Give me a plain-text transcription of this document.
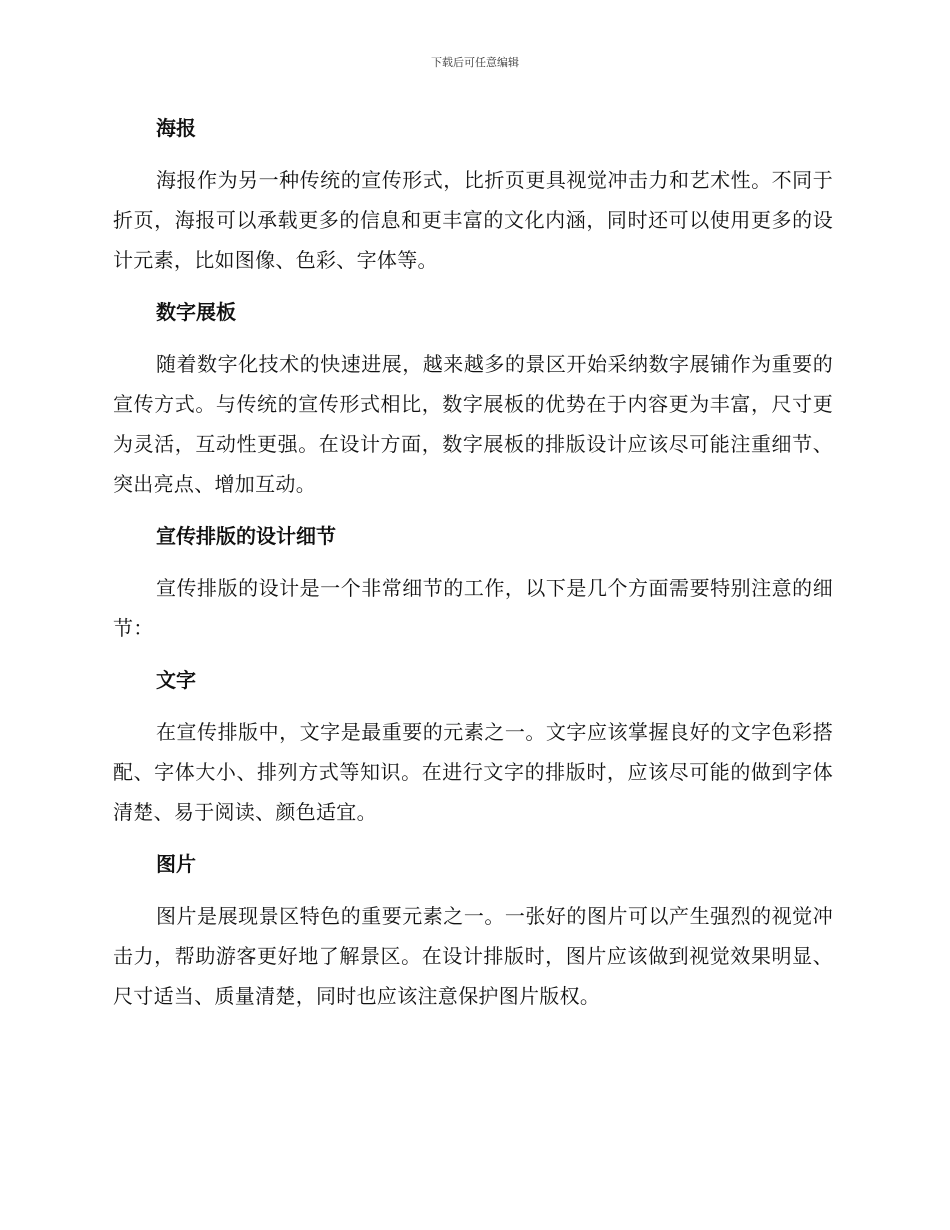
下载后可任意编辑
海报

海报作为另一种传统的宣传形式，比折页更具视觉冲击力和艺术性。不同于折页，海报可以承载更多的信息和更丰富的文化内涵，同时还可以使用更多的设计元素，比如图像、色彩、字体等。

数字展板

随着数字化技术的快速进展，越来越多的景区开始采纳数字展铺作为重要的宣传方式。与传统的宣传形式相比，数字展板的优势在于内容更为丰富，尺寸更为灵活，互动性更强。在设计方面，数字展板的排版设计应该尽可能注重细节、突出亮点、增加互动。

宣传排版的设计细节

宣传排版的设计是一个非常细节的工作，以下是几个方面需要特别注意的细节：

文字

在宣传排版中，文字是最重要的元素之一。文字应该掌握良好的文字色彩搭配、字体大小、排列方式等知识。在进行文字的排版时，应该尽可能的做到字体清楚、易于阅读、颜色适宜。

图片

图片是展现景区特色的重要元素之一。一张好的图片可以产生强烈的视觉冲击力，帮助游客更好地了解景区。在设计排版时，图片应该做到视觉效果明显、尺寸适当、质量清楚，同时也应该注意保护图片版权。
